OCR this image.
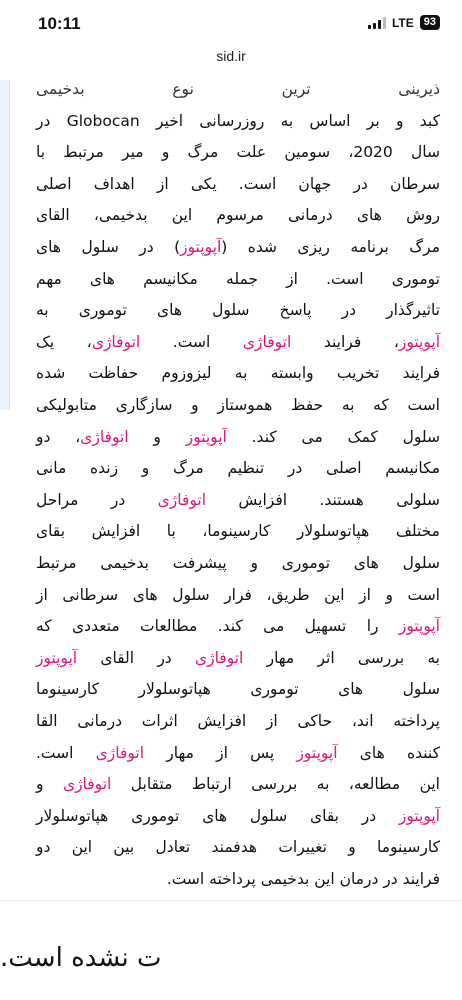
10:11	LTE 93
sid.ir
ذیرینی ترین نوع بدخیمی
کبد و بر اساس به روزرسانی اخیر Globocan در
سال 2020، سومین علت مرگ و میر مرتبط با
سرطان در جهان است. یکی از اهداف اصلی
روش های درمانی مرسوم این بدخیمی، القای
مرگ برنامه ریزی شده (آپوپتوز) در سلول های
توموری است. از جمله مکانیسم های مهم
تاثیرگذار در پاسخ سلول های توموری به
آپوپتوز، فرایند اتوفاژی است. اتوفاژی، یک
فرایند تخریب وابسته به لیزوزوم حفاظت شده
است که به حفظ هموستاز و سازگاری متابولیکی
سلول کمک می کند. آپوپتوز و اتوفاژی، دو
مکانیسم اصلی در تنظیم مرگ و زنده مانی
سلولی هستند. افزایش اتوفاژی در مراحل
مختلف هپاتوسلولار کارسینوما، با افزایش بقای
سلول های توموری و پیشرفت بدخیمی مرتبط
است و از این طریق، فرار سلول های سرطانی از
آپوپتوز را تسهیل می کند. مطالعات متعددی که
به بررسی اثر مهار اتوفاژی در القای آپوپتوز
سلول های توموری هپاتوسلولار کارسینوما
پرداخته اند، حاکی از افزایش اثرات درمانی القا
کننده های آپوپتوز پس از مهار اتوفاژی است.
این مطالعه، به بررسی ارتباط متقابل اتوفاژی و
آپوپتوز در بقای سلول های توموری هپاتوسلولار
کارسینوما و تغییرات هدفمند تعادل بین این دو
فرایند در درمان این بدخیمی پرداخته است.
ت نشده است.
